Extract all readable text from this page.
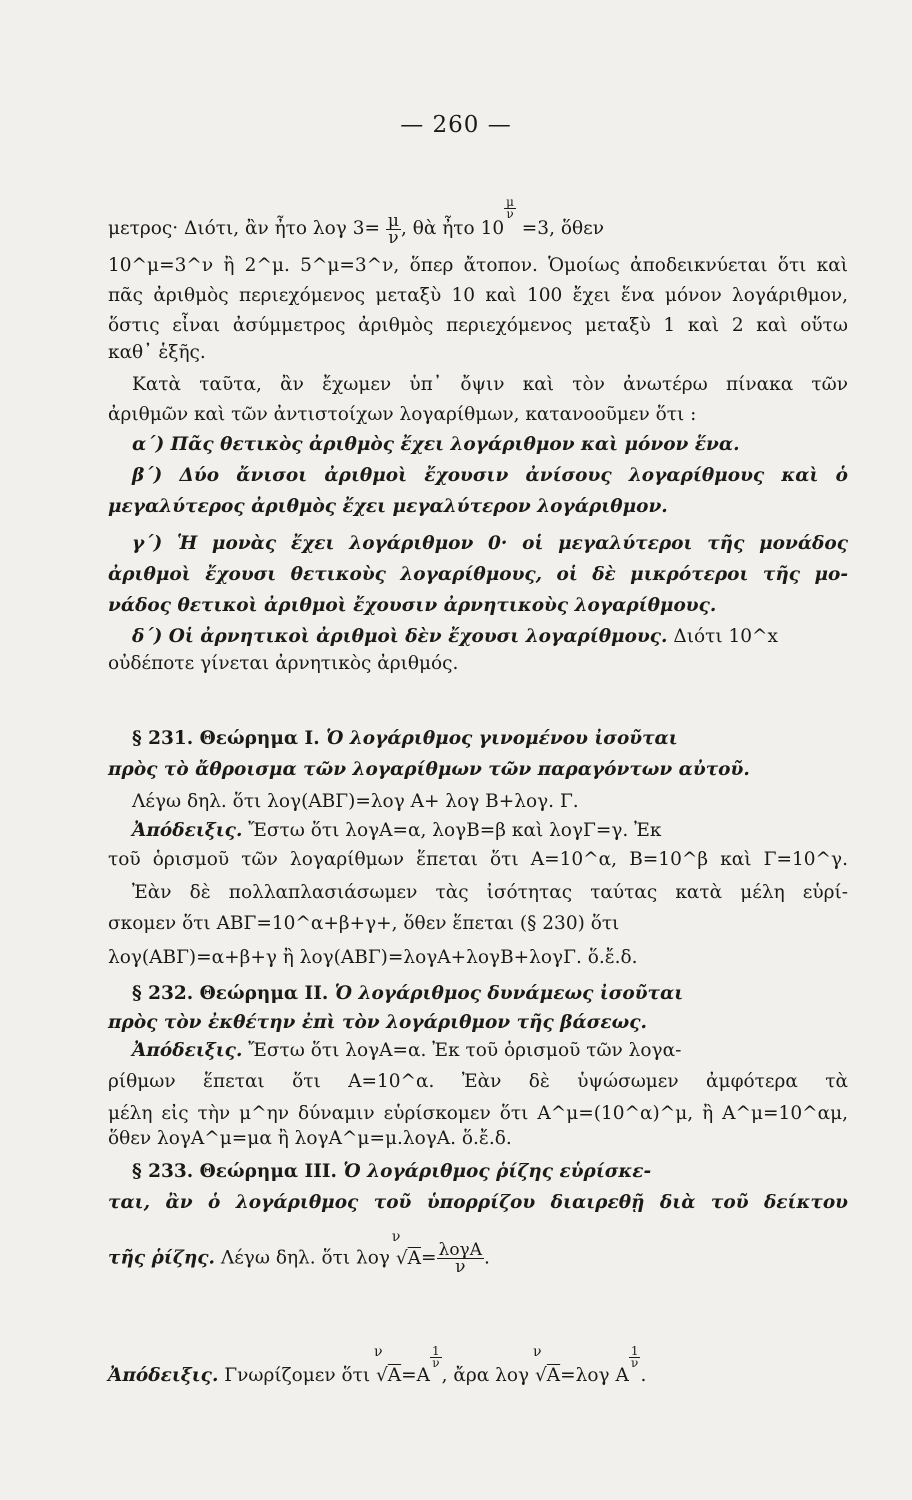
— 260 —
μετρος· Διότι, ἂν ἦτο λογ $3= \frac{\mu}{\nu}$ , θὰ ἦτο 10
$\frac{\mu}{\nu}$
=3, ὅθεν
10^μ=3^ν ἢ 2^μ. 5^μ=3^ν, ὅπερ ἄτοπον. Ὁμοίως ἀποδεικνύεται ὅτι καὶ
πᾶς ἀριθμὸς περιεχόμενος μεταξὺ 10 καὶ 100 ἔχει ἕνα μόνον λογάριθμον,
ὅστις εἶναι ἀσύμμετρος ἀριθμὸς περιεχόμενος μεταξὺ 1 καὶ 2 καὶ οὕτω
καθ᾽ ἑξῆς.
Κατὰ ταῦτα, ἂν ἔχωμεν ὑπ᾽ ὄψιν καὶ τὸν ἀνωτέρω πίνακα τῶν
ἀριθμῶν καὶ τῶν ἀντιστοίχων λογαρίθμων, κατανοοῦμεν ὅτι :
α΄) Πᾶς θετικὸς ἀριθμὸς ἔχει λογάριθμον καὶ μόνον ἕνα.
β΄) Δύο ἄνισοι ἀριθμοὶ ἔχουσιν ἀνίσους λογαρίθμους καὶ ὁ
μεγαλύτερος ἀριθμὸς ἔχει μεγαλύτερον λογάριθμον.
γ΄) Ἡ μονὰς ἔχει λογάριθμον 0· οἱ μεγαλύτεροι τῆς μονάδος
ἀριθμοὶ ἔχουσι θετικοὺς λογαρίθμους, οἱ δὲ μικρότεροι τῆς μο-
νάδος θετικοὶ ἀριθμοὶ ἔχουσιν ἀρνητικοὺς λογαρίθμους.
δ΄) Οἱ ἀρνητικοὶ ἀριθμοὶ δὲν ἔχουσι λογαρίθμους. Διότι 10^x
οὐδέποτε γίνεται ἀρνητικὸς ἀριθμός.
§ 231. Θεώρημα I. Ὁ λογάριθμος γινομένου ἰσοῦται
πρὸς τὸ ἄθροισμα τῶν λογαρίθμων τῶν παραγόντων αὐτοῦ.
Λέγω δηλ. ὅτι λογ(ΑΒΓ)=λογ Α+ λογ Β+λογ. Γ.
Ἀπόδειξις. Ἔστω ὅτι λογΑ=α, λογΒ=β καὶ λογΓ=γ. Ἐκ
τοῦ ὁρισμοῦ τῶν λογαρίθμων ἕπεται ὅτι Α=10^α, Β=10^β καὶ Γ=10^γ.
Ἐὰν δὲ πολλαπλασιάσωμεν τὰς ἰσότητας ταύτας κατὰ μέλη εὑρί-
σκομεν ὅτι ΑΒΓ=10^α+β+γ+, ὅθεν ἕπεται (§ 230) ὅτι
λογ(ΑΒΓ)=α+β+γ ἢ λογ(ΑΒΓ)=λογΑ+λογΒ+λογΓ. ὅ.ἔ.δ.
§ 232. Θεώρημα II. Ὁ λογάριθμος δυνάμεως ἰσοῦται
πρὸς τὸν ἐκθέτην ἐπὶ τὸν λογάριθμον τῆς βάσεως.
Ἀπόδειξις. Ἔστω ὅτι λογΑ=α. Ἐκ τοῦ ὁρισμοῦ τῶν λογα-
ρίθμων ἕπεται ὅτι Α=10^α. Ἐὰν δὲ ὑψώσωμεν ἀμφότερα τὰ
μέλη εἰς τὴν μ^ην δύναμιν εὑρίσκομεν ὅτι Α^μ=(10^α)^μ, ἢ Α^μ=10^αμ,
ὅθεν λογΑ^μ=μα ἢ λογΑ^μ=μ.λογΑ. ὅ.ἔ.δ.
§ 233. Θεώρημα III. Ὁ λογάριθμος ῥίζης εὑρίσκε-
ται, ἂν ὁ λογάριθμος τοῦ ὑπορρίζου διαιρεθῇ διὰ τοῦ δείκτου
τῆς ῥίζης. Λέγω δηλ. ὅτι λογ
ν
$√A= \frac{\text{λογΑ}}{\nu}$ .
Ἀπόδειξις. Γνωρίζομεν ὅτι
ν
√Α=Α
$\frac{1}{\nu}$
, ἄρα λογ
ν
√Α=λογ Α
$\frac{1}{\nu}$
.
